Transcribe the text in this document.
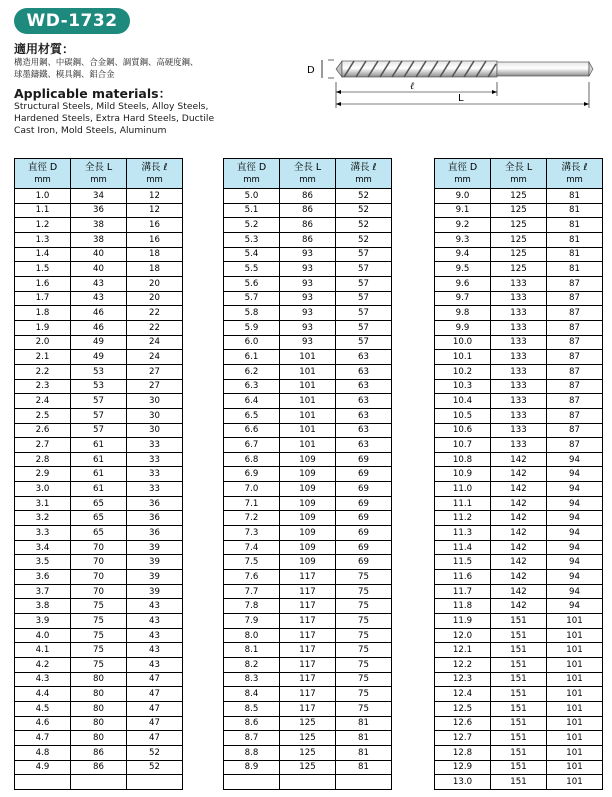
WD-1732
適用材質：
構造用鋼、中碳鋼、合金鋼、調質鋼、高硬度鋼、
球墨鑄鐵、模具鋼、鋁合金
Applicable materials：
Structural Steels, Mild Steels, Alloy Steels,
Hardened Steels, Extra Hard Steels, Ductile
Cast Iron, Mold Steels, Aluminum
D
ℓ
L
直徑 D
mm	全長 L
mm	溝長 ℓ
mm

1.0	34	12
1.1	36	12
1.2	38	16
1.3	38	16
1.4	40	18
1.5	40	18
1.6	43	20
1.7	43	20
1.8	46	22
1.9	46	22
2.0	49	24
2.1	49	24
2.2	53	27
2.3	53	27
2.4	57	30
2.5	57	30
2.6	57	30
2.7	61	33
2.8	61	33
2.9	61	33
3.0	61	33
3.1	65	36
3.2	65	36
3.3	65	36
3.4	70	39
3.5	70	39
3.6	70	39
3.7	70	39
3.8	75	43
3.9	75	43
4.0	75	43
4.1	75	43
4.2	75	43
4.3	80	47
4.4	80	47
4.5	80	47
4.6	80	47
4.7	80	47
4.8	86	52
4.9	86	52

直徑 D
mm	全長 L
mm	溝長 ℓ
mm

5.0	86	52
5.1	86	52
5.2	86	52
5.3	86	52
5.4	93	57
5.5	93	57
5.6	93	57
5.7	93	57
5.8	93	57
5.9	93	57
6.0	93	57
6.1	101	63
6.2	101	63
6.3	101	63
6.4	101	63
6.5	101	63
6.6	101	63
6.7	101	63
6.8	109	69
6.9	109	69
7.0	109	69
7.1	109	69
7.2	109	69
7.3	109	69
7.4	109	69
7.5	109	69
7.6	117	75
7.7	117	75
7.8	117	75
7.9	117	75
8.0	117	75
8.1	117	75
8.2	117	75
8.3	117	75
8.4	117	75
8.5	117	75
8.6	125	81
8.7	125	81
8.8	125	81
8.9	125	81

直徑 D
mm	全長 L
mm	溝長 ℓ
mm

9.0	125	81
9.1	125	81
9.2	125	81
9.3	125	81
9.4	125	81
9.5	125	81
9.6	133	87
9.7	133	87
9.8	133	87
9.9	133	87
10.0	133	87
10.1	133	87
10.2	133	87
10.3	133	87
10.4	133	87
10.5	133	87
10.6	133	87
10.7	133	87
10.8	142	94
10.9	142	94
11.0	142	94
11.1	142	94
11.2	142	94
11.3	142	94
11.4	142	94
11.5	142	94
11.6	142	94
11.7	142	94
11.8	142	94
11.9	151	101
12.0	151	101
12.1	151	101
12.2	151	101
12.3	151	101
12.4	151	101
12.5	151	101
12.6	151	101
12.7	151	101
12.8	151	101
12.9	151	101
13.0	151	101
